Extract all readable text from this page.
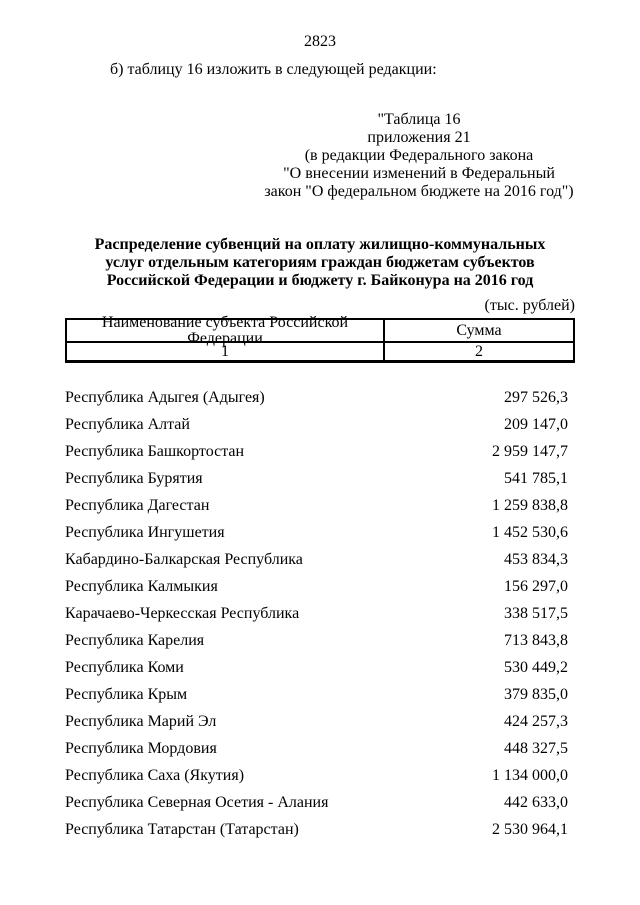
2823
б) таблицу 16 изложить в следующей редакции:
"Таблица 16
приложения 21
(в редакции Федерального закона
"О внесении изменений в Федеральный
закон "О федеральном бюджете на 2016 год")
Распределение субвенций на оплату жилищно-коммунальных
услуг отдельным категориям граждан бюджетам субъектов
Российской Федерации и бюджету г. Байконура на 2016 год
(тыс. рублей)
Наименование субъекта Российской Федерации	Сумма
1	2
Республика Адыгея (Адыгея)	297 526,3
Республика Алтай	209 147,0
Республика Башкортостан	2 959 147,7
Республика Бурятия	541 785,1
Республика Дагестан	1 259 838,8
Республика Ингушетия	1 452 530,6
Кабардино-Балкарская Республика	453 834,3
Республика Калмыкия	156 297,0
Карачаево-Черкесская Республика	338 517,5
Республика Карелия	713 843,8
Республика Коми	530 449,2
Республика Крым	379 835,0
Республика Марий Эл	424 257,3
Республика Мордовия	448 327,5
Республика Саха (Якутия)	1 134 000,0
Республика Северная Осетия - Алания	442 633,0
Республика Татарстан (Татарстан)	2 530 964,1
